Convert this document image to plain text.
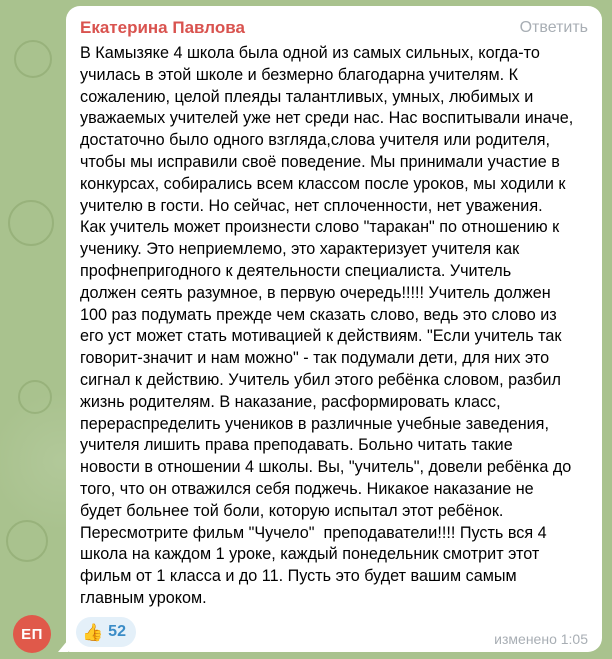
ЕП
Екатерина Павлова	Ответить

В Камызяке 4 школа была одной из самых сильных, когда-то
училась в этой школе и безмерно благодарна учителям. К
сожалению, целой плеяды талантливых, умных, любимых и
уважаемых учителей уже нет среди нас. Нас воспитывали иначе,
достаточно было одного взгляда,слова учителя или родителя,
чтобы мы исправили своё поведение. Мы принимали участие в
конкурсах, собирались всем классом после уроков, мы ходили к
учителю в гости. Но сейчас, нет сплоченности, нет уважения.
Как учитель может произнести слово "таракан" по отношению к
ученику. Это неприемлемо, это характеризует учителя как
профнепригодного к деятельности специалиста. Учитель
должен сеять разумное, в первую очередь!!!!! Учитель должен
100 раз подумать прежде чем сказать слово, ведь это слово из
его уст может стать мотивацией к действиям. "Если учитель так
говорит-значит и нам можно" - так подумали дети, для них это
сигнал к действию. Учитель убил этого ребёнка словом, разбил
жизнь родителям. В наказание, расформировать класс,
перераспределить учеников в различные учебные заведения,
учителя лишить права преподавать. Больно читать такие
новости в отношении 4 школы. Вы, "учитель", довели ребёнка до
того, что он отважился себя поджечь. Никакое наказание не
будет больнее той боли, которую испытал этот ребёнок.
Пересмотрите фильм "Чучело"  преподаватели!!!! Пусть вся 4
школа на каждом 1 уроке, каждый понедельник смотрит этот
фильм от 1 класса и до 11. Пусть это будет вашим самым
главным уроком.

👍 52	изменено 1:05
